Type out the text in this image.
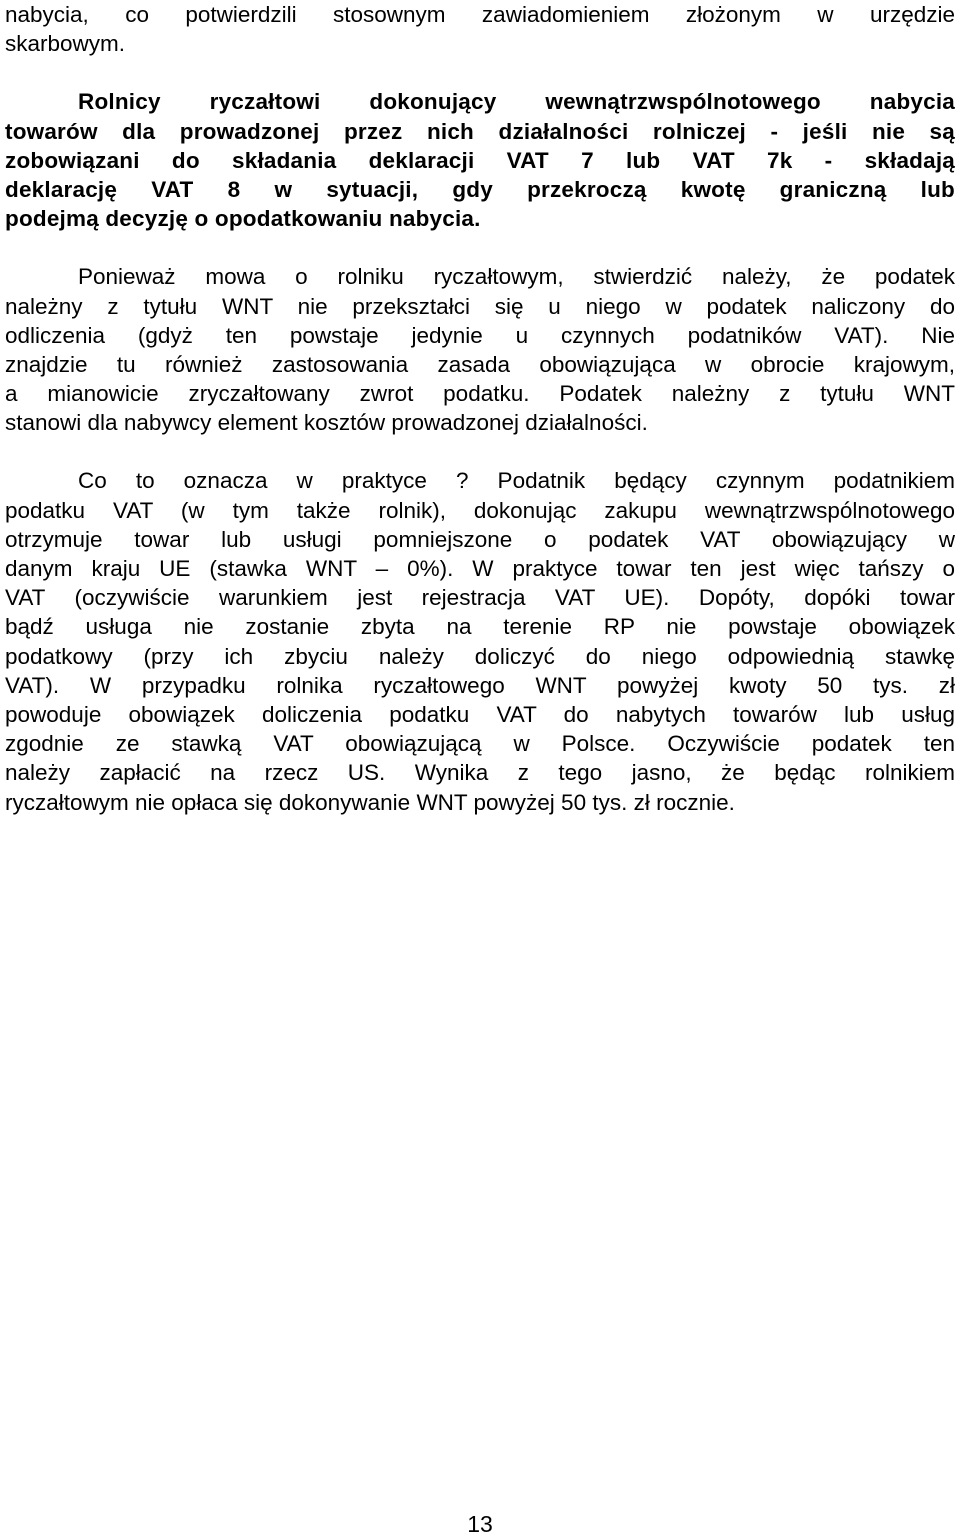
nabycia, co potwierdzili stosownym zawiadomieniem złożonym w urzędzie

skarbowym.

Rolnicy ryczałtowi dokonujący wewnątrzwspólnotowego nabycia

towarów dla prowadzonej przez nich działalności rolniczej - jeśli nie są

zobowiązani do składania deklaracji VAT 7 lub VAT 7k - składają

deklarację VAT 8 w sytuacji, gdy przekroczą kwotę graniczną lub

podejmą decyzję o opodatkowaniu nabycia.

Ponieważ mowa o rolniku ryczałtowym, stwierdzić należy, że podatek

należny z tytułu WNT nie przekształci się u niego w podatek naliczony do

odliczenia (gdyż ten powstaje jedynie u czynnych podatników VAT). Nie

znajdzie tu również zastosowania zasada obowiązująca w obrocie krajowym,

a mianowicie zryczałtowany zwrot podatku. Podatek należny z tytułu WNT

stanowi dla nabywcy element kosztów prowadzonej działalności.

Co to oznacza w praktyce ? Podatnik będący czynnym podatnikiem

podatku VAT (w tym także rolnik), dokonując zakupu wewnątrzwspólnotowego

otrzymuje towar lub usługi pomniejszone o podatek VAT obowiązujący w

danym kraju UE (stawka WNT – 0%). W praktyce towar ten jest więc tańszy o

VAT (oczywiście warunkiem jest rejestracja VAT UE). Dopóty, dopóki towar

bądź usługa nie zostanie zbyta na terenie RP nie powstaje obowiązek

podatkowy (przy ich zbyciu należy doliczyć do niego odpowiednią stawkę

VAT). W przypadku rolnika ryczałtowego WNT powyżej kwoty 50 tys. zł

powoduje obowiązek doliczenia podatku VAT do nabytych towarów lub usług

zgodnie ze stawką VAT obowiązującą w Polsce. Oczywiście podatek ten

należy zapłacić na rzecz US. Wynika z tego jasno, że będąc rolnikiem

ryczałtowym nie opłaca się dokonywanie WNT powyżej 50 tys. zł rocznie.

13
